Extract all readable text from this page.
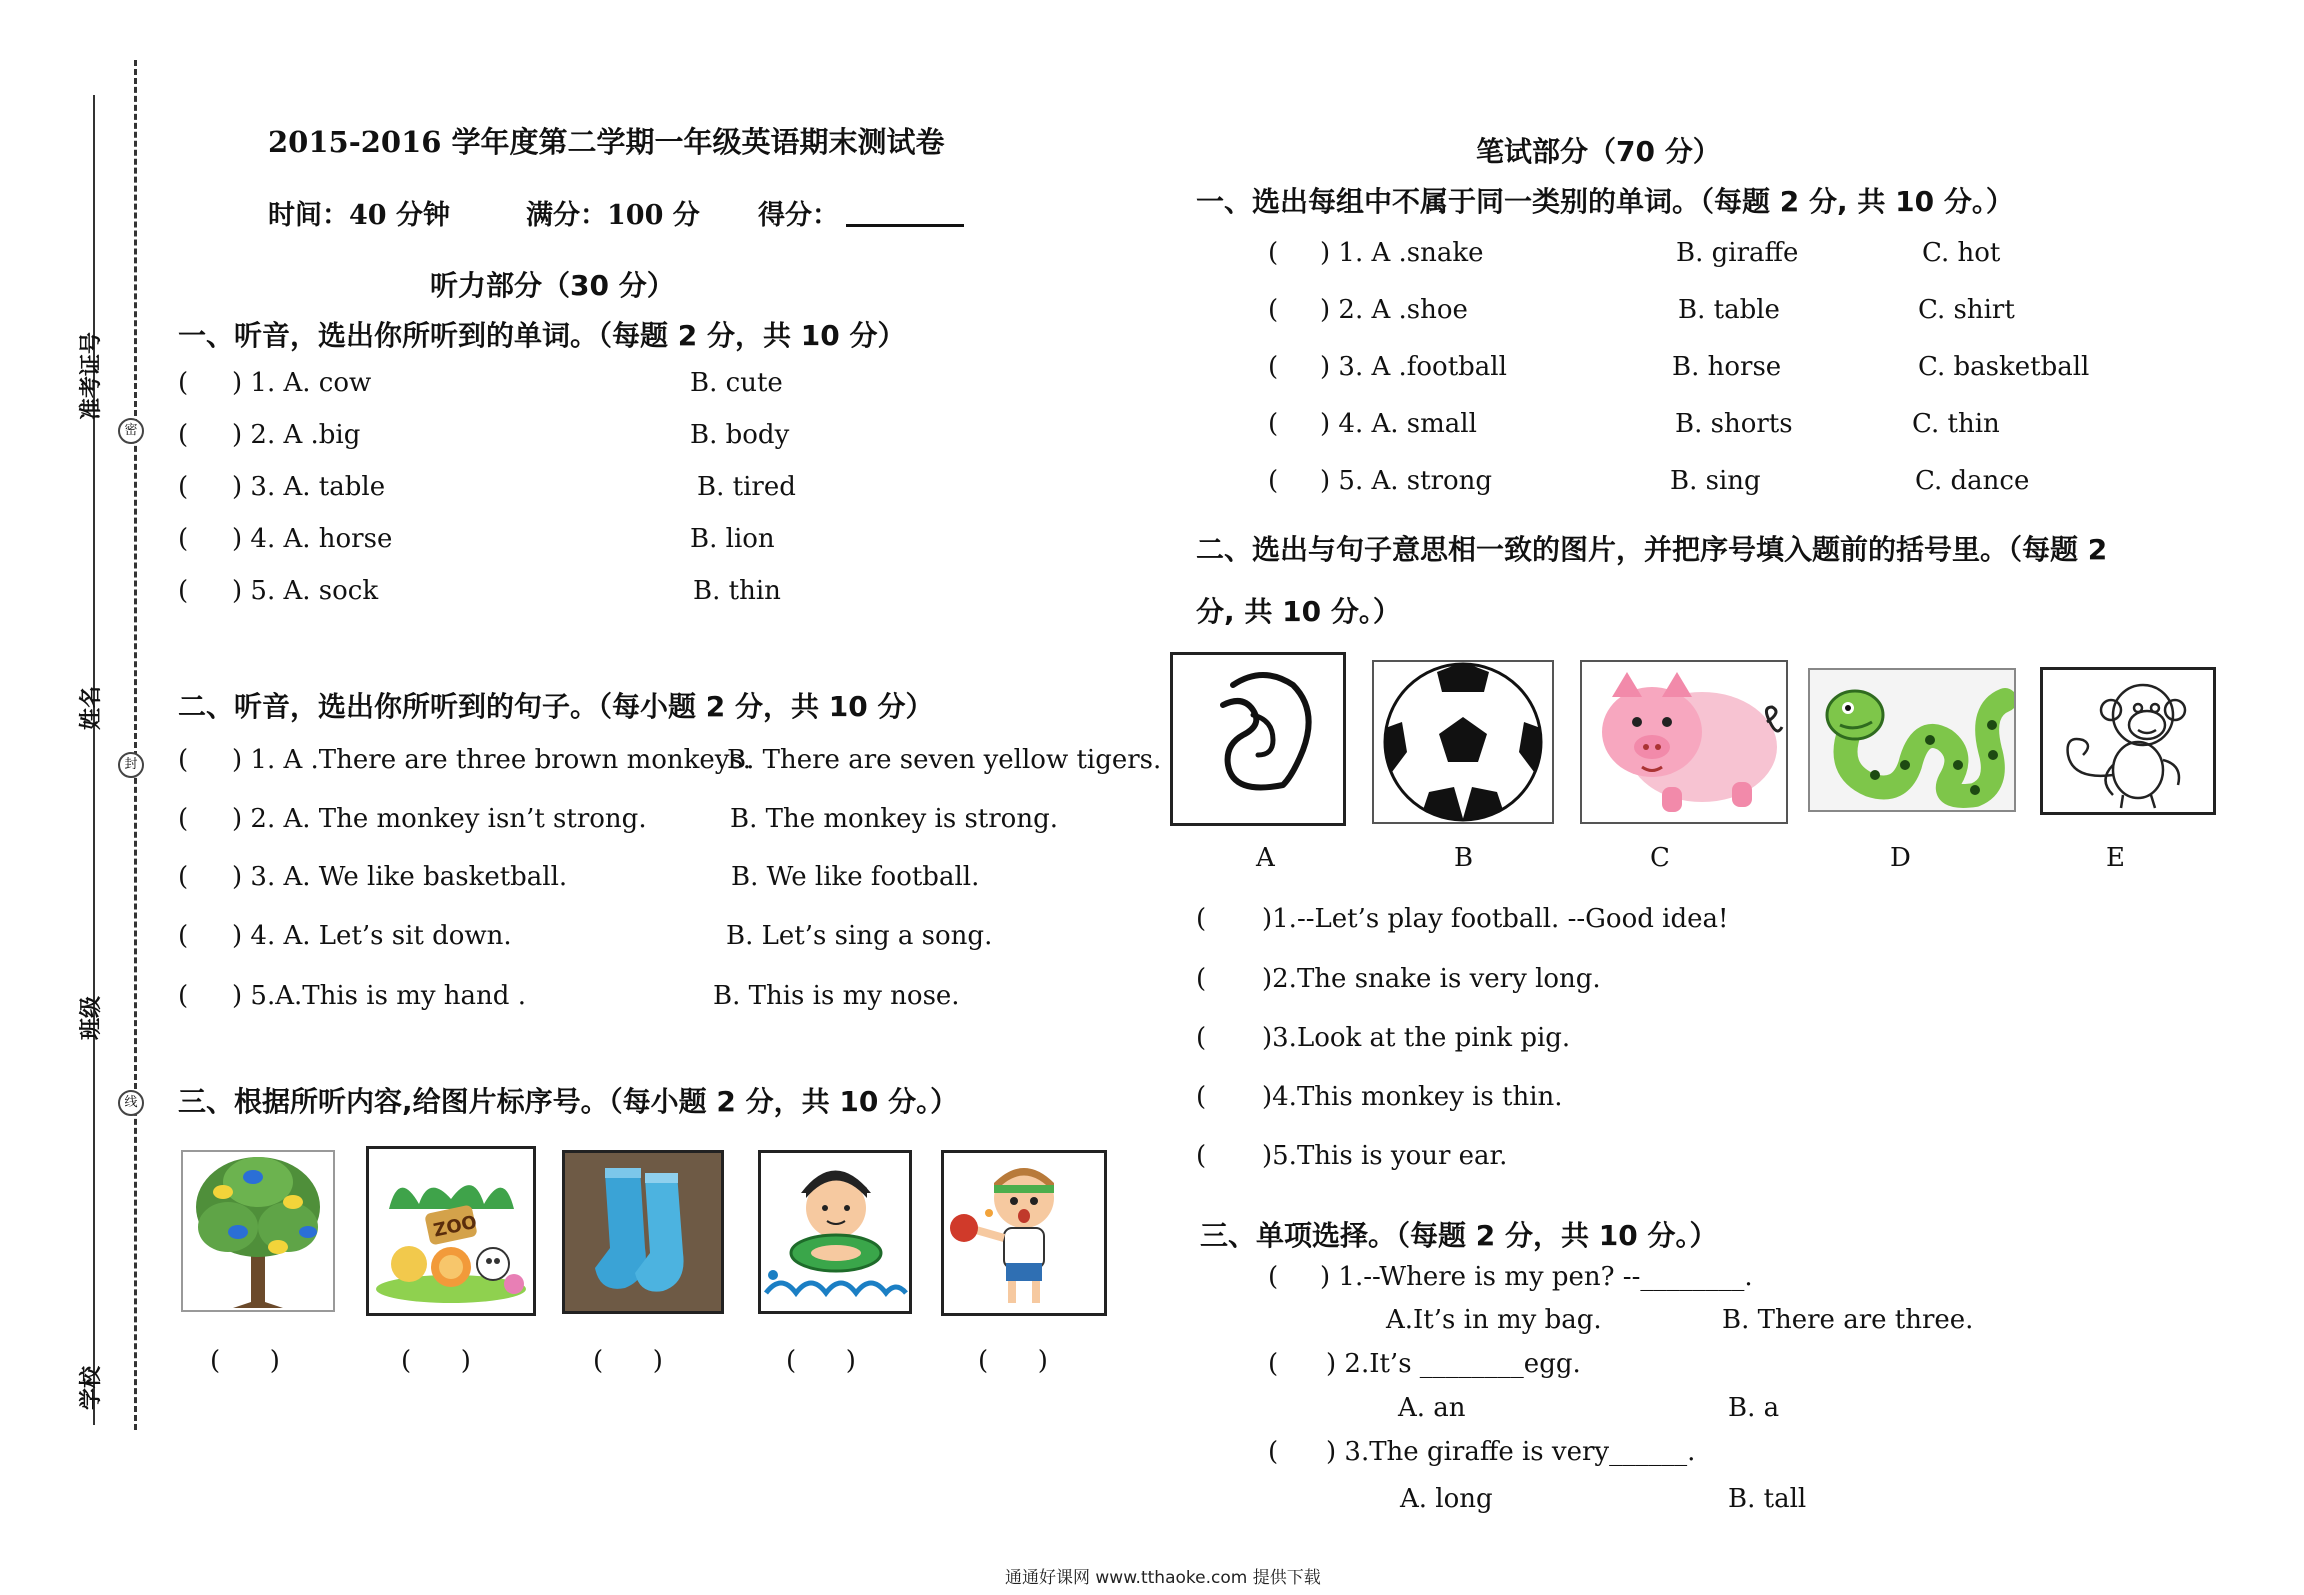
准考证号
姓名
班级
学校
密
封
线
2015-2016 学年度第二学期一年级英语期末测试卷
时间：40 分钟	满分：100 分 得分：
听力部分（30 分）
一、听音，选出你所听到的单词。（每题 2 分，共 10 分）
( ) 1. A. cow	B. cute
( ) 2. A .big	B. body
( ) 3. A. table	B. tired
( ) 4. A. horse	B. lion
( ) 5. A. sock	B. thin
二、听音，选出你所听到的句子。（每小题 2 分，共 10 分）
( ) 1. A .There are three brown monkeys.
B. There are seven yellow tigers.
( ) 2. A. The monkey isn’t strong.	B. The monkey is strong.
( ) 3. A. We like basketball.	B. We like football.
( ) 4. A. Let’s sit down.	B. Let’s sing a song.
( ) 5.A.This is my hand .	B. This is my nose.
三、根据所听内容,给图片标序号。（每小题 2 分，共 10 分。）
ZOO
(      )	(      )	(      )	(      )	(      )
笔试部分（70 分）
一、选出每组中不属于同一类别的单词。（每题 2 分, 共 10 分。）
( ) 1. A .snake	B. giraffe	C. hot
( ) 2. A .shoe	B. table	C. shirt
( ) 3. A .football	B. horse	C. basketball
( ) 4. A. small	B. shorts	C. thin
( ) 5. A. strong	B. sing	C. dance
二、选出与句子意思相一致的图片，并把序号填入题前的括号里。（每题 2
分, 共 10 分。）
A	B	C	D	E
( )1.--Let’s play football. --Good idea!
( )2.The snake is very long.
( )3.Look at the pink pig.
( )4.This monkey is thin.
( )5.This is your ear.
三、单项选择。（每题 2 分，共 10 分。）
( ) 1.--Where is my pen? --________.
A.It’s in my bag.	B. There are three.
( ) 2.It’s ________egg.
A. an	B. a
( ) 3.The giraffe is very______.
A. long	B. tall
通通好课网 www.tthaoke.com 提供下载
